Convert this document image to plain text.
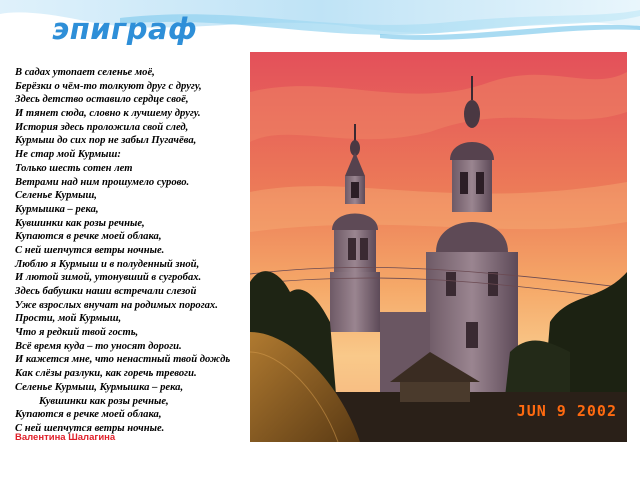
эпиграф
JUN 9 2002
В садах утопает селенье моё,
Берёзки о чём-то толкуют друг с другу,
Здесь детство оставило сердце своё,
И тянет сюда, словно к лучшему другу.
История здесь проложила свой след,
Курмыш до сих пор не забыл Пугачёва,
Не стар мой Курмыш:
Только шесть сотен лет
Ветрами над ним прошумело сурово.
Селенье Курмыш,
Курмышка – река,
Кувшинки как розы речные,
Купаются в речке моей облака,
С ней шепчутся ветры ночные.
Люблю я Курмыш и в полуденный зной,
И лютой зимой, утонувший в сугробах.
Здесь бабушки наши встречали слезой
Уже взрослых внучат на родимых порогах.
Прости, мой Курмыш,
Что я редкий твой гость,
Всё время куда – то уносят дороги.
И кажется мне, что ненастный твой дождь
Как слёзы разлуки, как горечь тревоги.
Селенье Курмыш, Курмышка – река,
Кувшинки как розы речные,
Купаются в речке моей облака,
С ней шепчутся ветры ночные.
Валентина Шалагина
